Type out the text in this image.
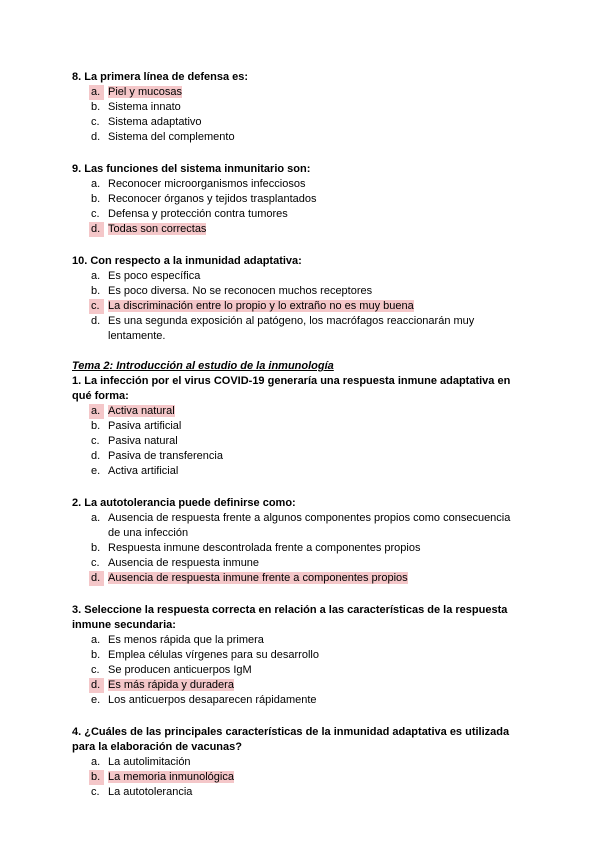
8. La primera línea de defensa es:
a. Piel y mucosas
b. Sistema innato
c. Sistema adaptativo
d. Sistema del complemento
9. Las funciones del sistema inmunitario son:
a. Reconocer microorganismos infecciosos
b. Reconocer órganos y tejidos trasplantados
c. Defensa y protección contra tumores
d. Todas son correctas
10. Con respecto a la inmunidad adaptativa:
a. Es poco específica
b. Es poco diversa. No se reconocen muchos receptores
c. La discriminación entre lo propio y lo extraño no es muy buena
d. Es una segunda exposición al patógeno, los macrófagos reaccionarán muy lentamente.
Tema 2: Introducción al estudio de la inmunología
1. La infección por el virus COVID-19 generaría una respuesta inmune adaptativa en qué forma:
a. Activa natural
b. Pasiva artificial
c. Pasiva natural
d. Pasiva de transferencia
e. Activa artificial
2. La autotolerancia puede definirse como:
a. Ausencia de respuesta frente a algunos componentes propios como consecuencia de una infección
b. Respuesta inmune descontrolada frente a componentes propios
c. Ausencia de respuesta inmune
d. Ausencia de respuesta inmune frente a componentes propios
3. Seleccione la respuesta correcta en relación a las características de la respuesta inmune secundaria:
a. Es menos rápida que la primera
b. Emplea células vírgenes para su desarrollo
c. Se producen anticuerpos IgM
d. Es más rápida y duradera
e. Los anticuerpos desaparecen rápidamente
4. ¿Cuáles de las principales características de la inmunidad adaptativa es utilizada para la elaboración de vacunas?
a. La autolimitación
b. La memoria inmunológica
c. La autotolerancia
